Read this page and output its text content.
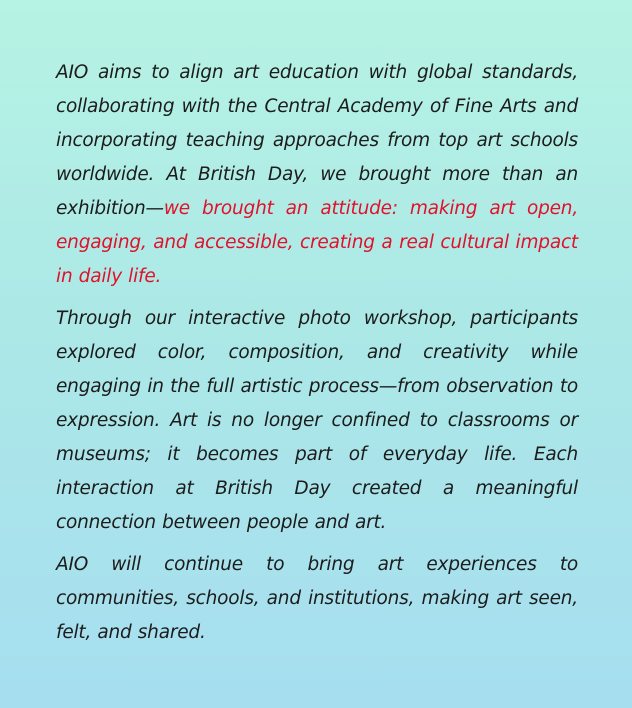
AIO aims to align art education with global standards, collaborating with the Central Academy of Fine Arts and incorporating teaching approaches from top art schools worldwide. At British Day, we brought more than an exhibition—we brought an attitude: making art open, engaging, and accessible, creating a real cultural impact in daily life.

Through our interactive photo workshop, participants explored color, composition, and creativity while engaging in the full artistic process—from observation to expression. Art is no longer confined to classrooms or museums; it becomes part of everyday life. Each interaction at British Day created a meaningful connection between people and art.

AIO will continue to bring art experiences to communities, schools, and institutions, making art seen, felt, and shared.
